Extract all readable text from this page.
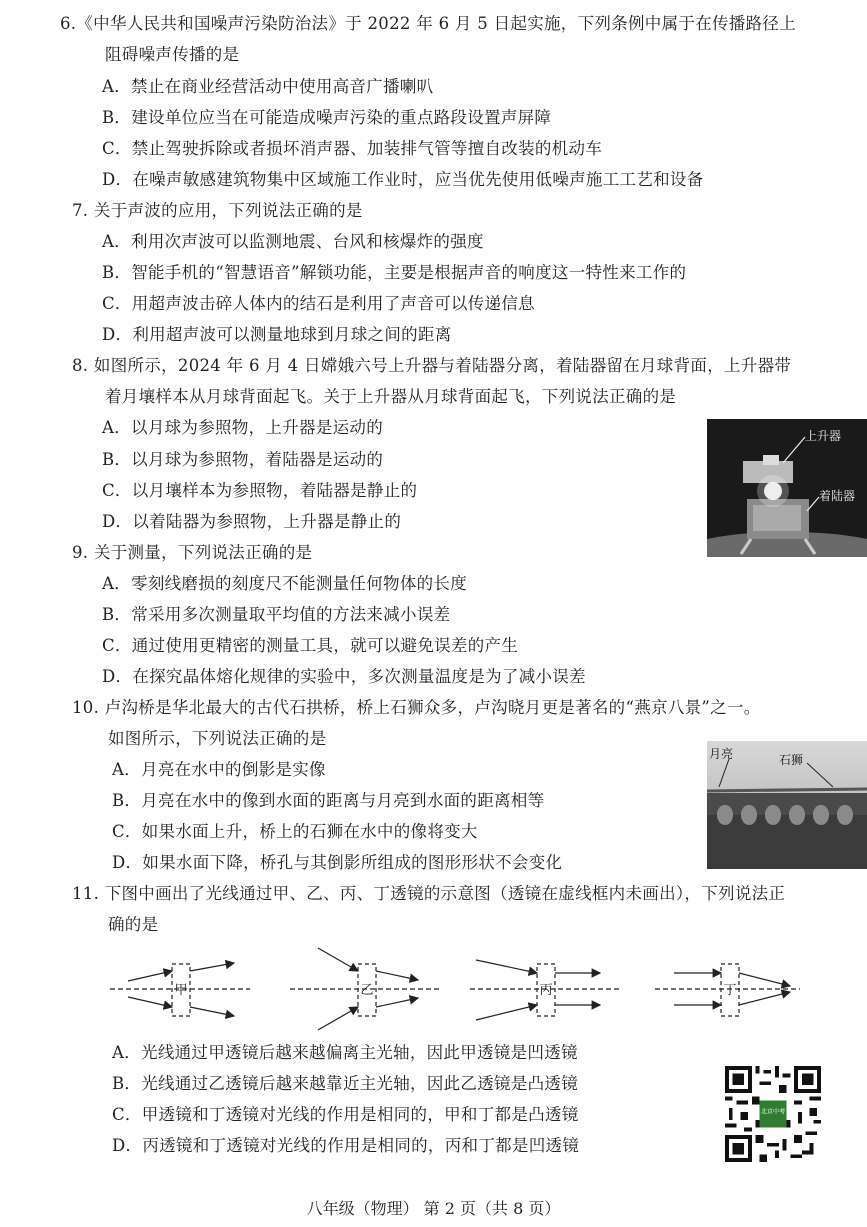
6.《中华人民共和国噪声污染防治法》于 2022 年 6 月 5 日起实施，下列条例中属于在传播路径上
阻碍噪声传播的是
A．禁止在商业经营活动中使用高音广播喇叭
B．建设单位应当在可能造成噪声污染的重点路段设置声屏障
C．禁止驾驶拆除或者损坏消声器、加装排气管等擅自改装的机动车
D．在噪声敏感建筑物集中区域施工作业时，应当优先使用低噪声施工工艺和设备
7. 关于声波的应用，下列说法正确的是
A．利用次声波可以监测地震、台风和核爆炸的强度
B．智能手机的“智慧语音”解锁功能，主要是根据声音的响度这一特性来工作的
C．用超声波击碎人体内的结石是利用了声音可以传递信息
D．利用超声波可以测量地球到月球之间的距离
8. 如图所示，2024 年 6 月 4 日嫦娥六号上升器与着陆器分离，着陆器留在月球背面，上升器带
着月壤样本从月球背面起飞。关于上升器从月球背面起飞，下列说法正确的是
A．以月球为参照物，上升器是运动的
B．以月球为参照物，着陆器是运动的
C．以月壤样本为参照物，着陆器是静止的
D．以着陆器为参照物，上升器是静止的
上升器
着陆器
9. 关于测量，下列说法正确的是
A．零刻线磨损的刻度尺不能测量任何物体的长度
B．常采用多次测量取平均值的方法来减小误差
C．通过使用更精密的测量工具，就可以避免误差的产生
D．在探究晶体熔化规律的实验中，多次测量温度是为了减小误差
10. 卢沟桥是华北最大的古代石拱桥，桥上石狮众多，卢沟晓月更是著名的“燕京八景”之一。
如图所示，下列说法正确的是
A．月亮在水中的倒影是实像
B．月亮在水中的像到水面的距离与月亮到水面的距离相等
C．如果水面上升，桥上的石狮在水中的像将变大
D．如果水面下降，桥孔与其倒影所组成的图形形状不会变化
月亮	石狮
11. 下图中画出了光线通过甲、乙、丙、丁透镜的示意图（透镜在虚线框内未画出），下列说法正
确的是
甲	乙	丙	丁
A．光线通过甲透镜后越来越偏离主光轴，因此甲透镜是凹透镜
B．光线通过乙透镜后越来越靠近主光轴，因此乙透镜是凸透镜
C．甲透镜和丁透镜对光线的作用是相同的，甲和丁都是凸透镜
D．丙透镜和丁透镜对光线的作用是相同的，丙和丁都是凹透镜
北京中考
八年级（物理） 第 2 页（共 8 页）
